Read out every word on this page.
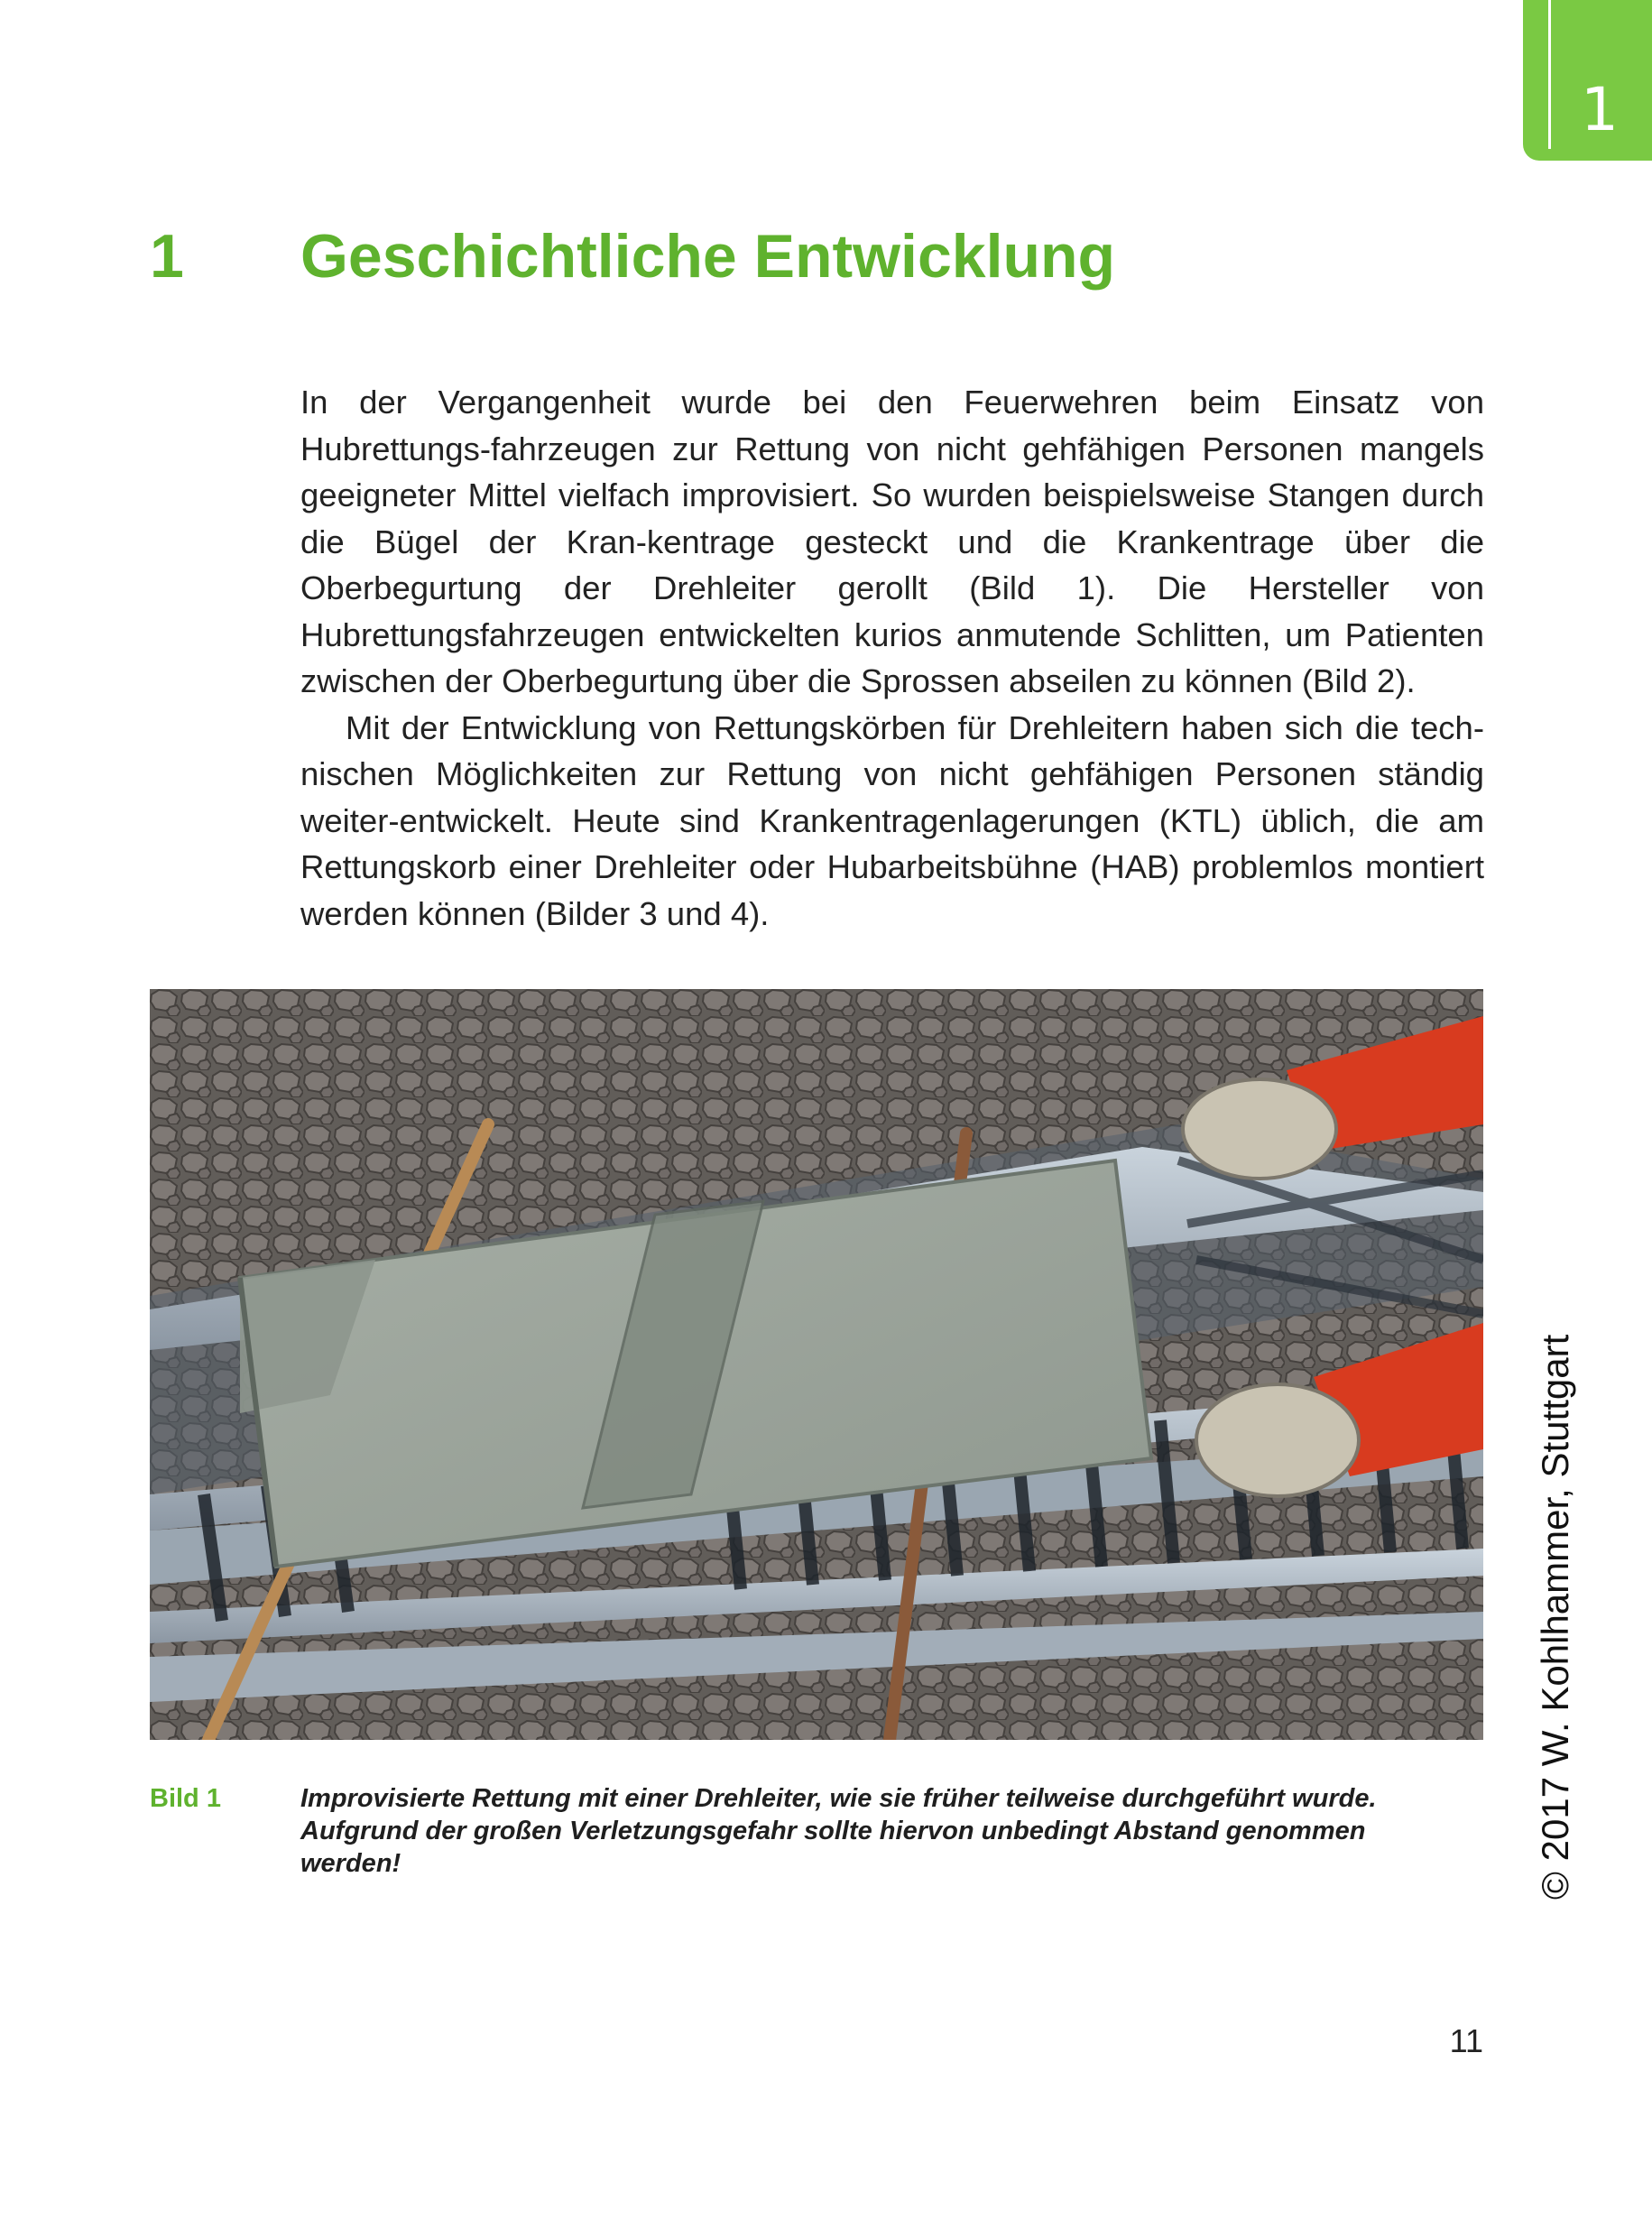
1
1 Geschichtliche Entwicklung

In der Vergangenheit wurde bei den Feuerwehren beim Einsatz von Hubrettungs-fahrzeugen zur Rettung von nicht gehfähigen Personen mangels geeigneter Mittel vielfach improvisiert. So wurden beispielsweise Stangen durch die Bügel der Kran-kentrage gesteckt und die Krankentrage über die Oberbegurtung der Drehleiter gerollt (Bild 1). Die Hersteller von Hubrettungsfahrzeugen entwickelten kurios anmutende Schlitten, um Patienten zwischen der Oberbegurtung über die Sprossen abseilen zu können (Bild 2).

Mit der Entwicklung von Rettungskörben für Drehleitern haben sich die tech-nischen Möglichkeiten zur Rettung von nicht gehfähigen Personen ständig weiter-entwickelt. Heute sind Krankentragenlagerungen (KTL) üblich, die am Rettungskorb einer Drehleiter oder Hubarbeitsbühne (HAB) problemlos montiert werden können (Bilder 3 und 4).

Bild 1	Improvisierte Rettung mit einer Drehleiter, wie sie früher teilweise durchgeführt wurde. Aufgrund der großen Verletzungsgefahr sollte hiervon unbedingt Abstand genommen werden!	© 2017 W. Kohlhammer, Stuttgart
11
